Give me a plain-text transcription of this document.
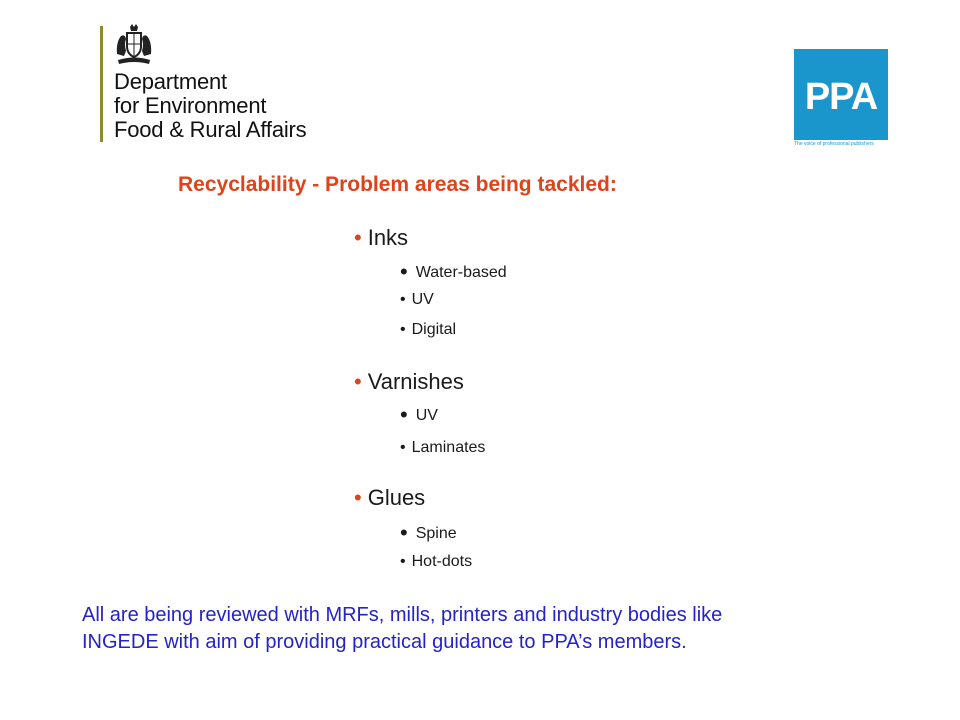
Department
for Environment
Food & Rural Affairs
PPA
The voice of professional publishers
Recyclability - Problem areas being tackled:
• Inks
• Water-based
• UV
• Digital
• Varnishes
• UV
• Laminates
• Glues
• Spine
• Hot-dots
All are being reviewed with MRFs, mills, printers and industry bodies like
INGEDE with aim of providing practical guidance to PPA’s members.
